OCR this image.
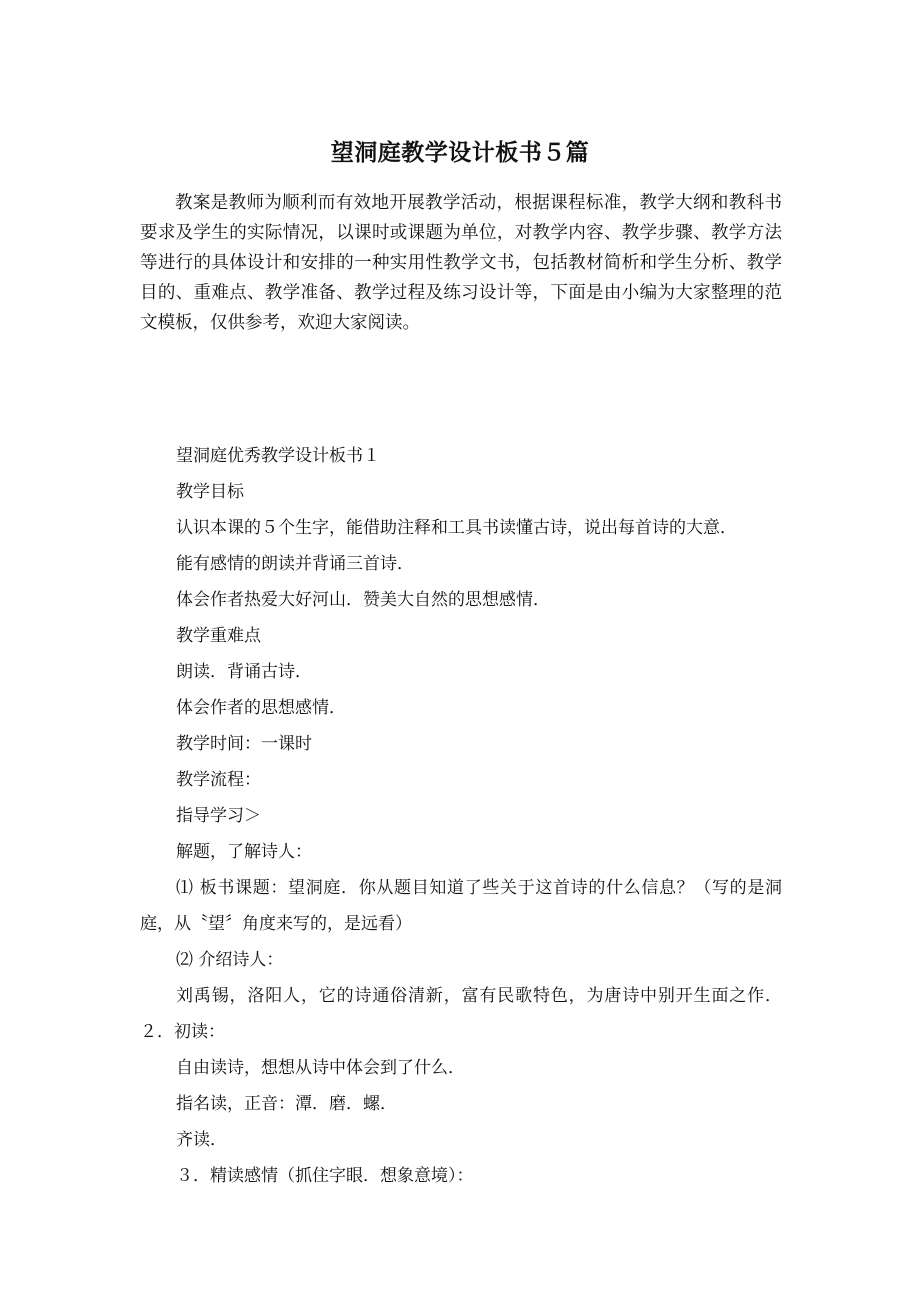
望洞庭教学设计板书５篇

教案是教师为顺利而有效地开展教学活动，根据课程标准，教学大纲和教科书要求及学生的实际情况，以课时或课题为单位，对教学内容、教学步骤、教学方法等进行的具体设计和安排的一种实用性教学文书，包括教材简析和学生分析、教学目的、重难点、教学准备、教学过程及练习设计等，下面是由小编为大家整理的范文模板，仅供参考，欢迎大家阅读。

望洞庭优秀教学设计板书１

教学目标

认识本课的５个生字，能借助注释和工具书读懂古诗，说出每首诗的大意．

能有感情的朗读并背诵三首诗．

体会作者热爱大好河山．赞美大自然的思想感情．

教学重难点

朗读．背诵古诗．

体会作者的思想感情．

教学时间：一课时

教学流程：

指导学习＞

解题，了解诗人：

⑴ 板书课题：望洞庭．你从题目知道了些关于这首诗的什么信息？（写的是洞庭，从〝望〞角度来写的，是远看）

⑵ 介绍诗人：

刘禹锡，洛阳人，它的诗通俗清新，富有民歌特色，为唐诗中别开生面之作．２．初读：

自由读诗，想想从诗中体会到了什么．

指名读，正音：潭．磨．螺．

齐读．

３．精读感情（抓住字眼．想象意境）：
